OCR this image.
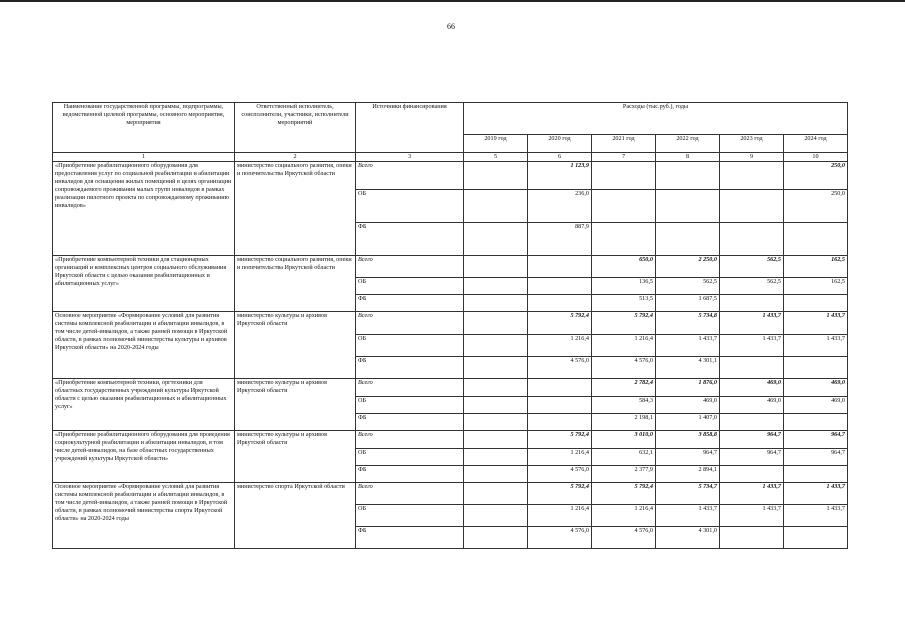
66
Наименование государственной программы, подпрограммы, ведомственной целевой программы, основного мероприятия, мероприятия	Ответственный исполнитель, соисполнители, участники, исполнители мероприятий	Источники финансирования	Расходы (тыс.руб.), годы					
			2019 год	2020 год	2021 год	2022 год	2023 год	2024 год
1	2	3	5	6	7	8	9	10
«Приобретение реабилитационного оборудования для предоставления услуг по социальной реабилитации и абилитации инвалидов для оснащения жилых помещений в целях организации сопровождаемого проживания малых групп инвалидов в рамках реализации пилотного проекта по сопровождаемому проживанию инвалидов»	министерство социального развития, опеки и попечительства Иркутской области	Всего		1 123,9				250,0
		ОБ		236,0				250,0
		ФБ		887,9				
«Приобретение компьютерной техники для стационарных организаций и комплексных центров социального обслуживания Иркутской области с целью оказания реабилитационных и абилитационных услуг»	министерство социального развития, опеки и попечительства Иркутской области	Всего			650,0	2 250,0	562,5	162,5
		ОБ			136,5	562,5	562,5	162,5
		ФБ			513,5	1 687,5		
Основное мероприятие «Формирование условий для развития системы комплексной реабилитации и абилитации инвалидов, в том числе детей-инвалидов, а также ранней помощи в Иркутской области, в рамках полномочий министерства культуры и архивов Иркутской области» на 2020-2024 годы	министерство культуры и архивов Иркутской области	Всего		5 792,4	5 792,4	5 734,8	1 433,7	1 433,7
		ОБ		1 216,4	1 216,4	1 433,7	1 433,7	1 433,7
		ФБ		4 576,0	4 576,0	4 301,1		
«Приобретение компьютерной техники, оргтехники для областных государственных учреждений культуры Иркутской области с целью оказания реабилитационных и абилитационных услуг»	министерство культуры и архивов Иркутской области	Всего			2 782,4	1 876,0	469,0	469,0
		ОБ			584,3	469,0	469,0	469,0
		ФБ			2 198,1	1 407,0		
«Приобретение реабилитационного оборудования для проведения социокультурной реабилитации и абилитации инвалидов, в том числе детей-инвалидов, на базе областных государственных учреждений культуры Иркутской области»	министерство культуры и архивов Иркутской области	Всего		5 792,4	3 010,0	3 858,8	964,7	964,7
		ОБ		1 216,4	632,1	964,7	964,7	964,7
		ФБ		4 576,0	2 377,9	2 894,1		
Основное мероприятие «Формирование условий для развития системы комплексной реабилитации и абилитации инвалидов, в том числе детей-инвалидов, а также ранней помощи в Иркутской области, в рамках полномочий министерства спорта Иркутской области» на 2020-2024 годы	министерство спорта Иркутской области	Всего		5 792,4	5 792,4	5 734,7	1 433,7	1 433,7
		ОБ		1 216,4	1 216,4	1 433,7	1 433,7	1 433,7
		ФБ		4 576,0	4 576,0	4 301,0		
